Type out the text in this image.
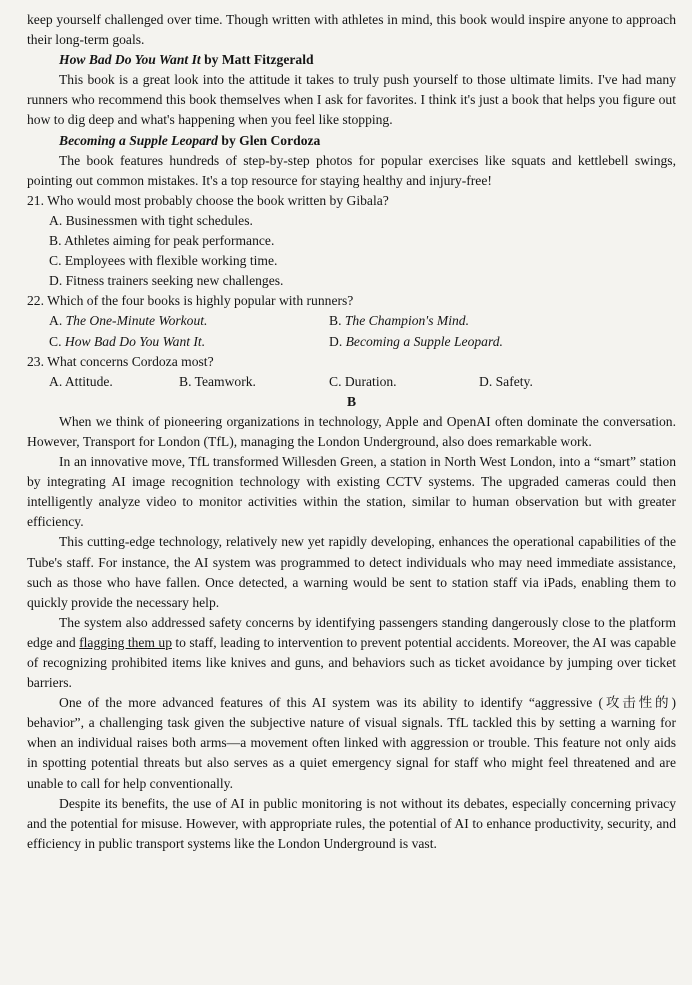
keep yourself challenged over time. Though written with athletes in mind, this book would inspire anyone to approach their long-term goals.

How Bad Do You Want It by Matt Fitzgerald

This book is a great look into the attitude it takes to truly push yourself to those ultimate limits. I've had many runners who recommend this book themselves when I ask for favorites. I think it's just a book that helps you figure out how to dig deep and what's happening when you feel like stopping.

Becoming a Supple Leopard by Glen Cordoza

The book features hundreds of step-by-step photos for popular exercises like squats and kettlebell swings, pointing out common mistakes. It's a top resource for staying healthy and injury-free!

21. Who would most probably choose the book written by Gibala?

A. Businessmen with tight schedules.
B. Athletes aiming for peak performance.
C. Employees with flexible working time.
D. Fitness trainers seeking new challenges.

22. Which of the four books is highly popular with runners?

A. The One-Minute Workout.	B. The Champion's Mind.
C. How Bad Do You Want It.	D. Becoming a Supple Leopard.

23. What concerns Cordoza most?

A. Attitude.	B. Teamwork.	C. Duration.	D. Safety.

B

When we think of pioneering organizations in technology, Apple and OpenAI often dominate the conversation. However, Transport for London (TfL), managing the London Underground, also does remarkable work.

In an innovative move, TfL transformed Willesden Green, a station in North West London, into a “smart” station by integrating AI image recognition technology with existing CCTV systems. The upgraded cameras could then intelligently analyze video to monitor activities within the station, similar to human observation but with greater efficiency.

This cutting-edge technology, relatively new yet rapidly developing, enhances the operational capabilities of the Tube's staff. For instance, the AI system was programmed to detect individuals who may need immediate assistance, such as those who have fallen. Once detected, a warning would be sent to station staff via iPads, enabling them to quickly provide the necessary help.

The system also addressed safety concerns by identifying passengers standing dangerously close to the platform edge and flagging them up to staff, leading to intervention to prevent potential accidents. Moreover, the AI was capable of recognizing prohibited items like knives and guns, and behaviors such as ticket avoidance by jumping over ticket barriers.

One of the more advanced features of this AI system was its ability to identify “aggressive (攻击性的) behavior”, a challenging task given the subjective nature of visual signals. TfL tackled this by setting a warning for when an individual raises both arms—a movement often linked with aggression or trouble. This feature not only aids in spotting potential threats but also serves as a quiet emergency signal for staff who might feel threatened and are unable to call for help conventionally.

Despite its benefits, the use of AI in public monitoring is not without its debates, especially concerning privacy and the potential for misuse. However, with appropriate rules, the potential of AI to enhance productivity, security, and efficiency in public transport systems like the London Underground is vast.
